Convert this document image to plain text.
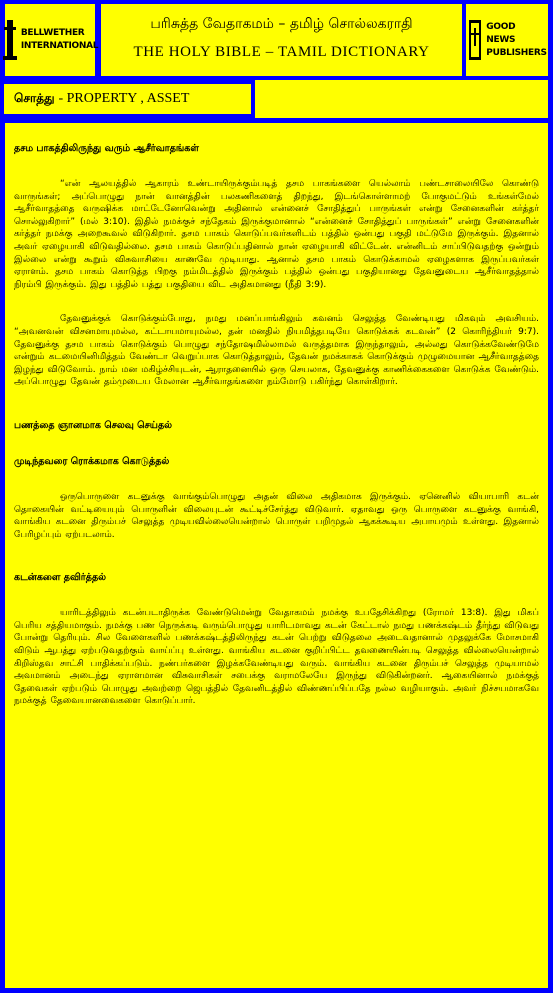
BELLWETHER
INTERNATIONAL
பரிசுத்த வேதாகமம் – தமிழ் சொல்லகராதி
THE HOLY BIBLE – TAMIL DICTIONARY
GOOD NEWS
PUBLISHERS
சொத்து - PROPERTY , ASSET
தசம பாகத்திலிருந்து வரும் ஆசீர்வாதங்கள்

“என் ஆலயத்தில் ஆகாரம் உண்டாயிருக்கும்படித் தசம பாகங்களை யெல்லாம் பண்டசாலையிலே கொண்டு வாருங்கள்; அப்பொழுது நான் வானத்தின் பலகணிகளைத் திறந்து, இடங்கொள்ளாமற் போகுமட்டும் உங்கள்மேல் ஆசீர்வாதத்தை வருஷிக்க மாட்டேனோவென்று அதினால் என்னைச் சோதித்துப் பாருங்கள் என்று சேனைகளின் கர்த்தர் சொல்லுகிறார்” (மல் 3:10). இதில் நமக்குச் சந்தேகம் இருக்குமானால் “என்னைச் சோதித்துப் பாருங்கள்” என்று சேனைகளின் கர்த்தர் நமக்கு அறைகூவல் விடுகிறார். தசம பாகம் கொடுப்பவர்களிடம் பத்தில் ஒன்பது பகுதி மட்டுமே இருக்கும். இதனால் அவர் ஏழையாகி விடுவதில்லை. தசம பாகம் கொடுப்பதினால் நான் ஏழையாகி விட்டேன். என்னிடம் சாப்பிடுவதற்கு ஒன்றும் இல்லை என்று கூறும் விசுவாசியை காணவே முடியாது. ஆனால் தசம பாகம் கொடுக்காமல் ஏழைகளாக இருப்பவர்கள் ஏராளம். தசம பாகம் கொடுத்த பிறகு நம்மிடத்தில் இருக்கும் பத்தில் ஒன்பது பகுதியானது தேவனுடைய ஆசீர்வாதத்தால் நிரம்பி இருக்கும். இது பத்தில் பத்து பகுதியை விட அதிகமானது (நீதி 3:9).

தேவனுக்குக் கொடுக்கும்போது, நமது மனப்பாங்கிலும் கவனம் செலுத்த வேண்டியது மிகவும் அவசியம். “அவனவன் விசனமாயுமல்ல, கட்டாயமாயுமல்ல, தன் மனதில் நியமித்தபடியே கொடுக்கக் கடவன்” (2 கொரிந்தியர் 9:7). தேவனுக்கு தசம பாகம் கொடுக்கும் பொழுது சந்தோஷமில்லாமல் வருத்தமாக இருந்தாலும், அல்லது கொடுக்கவேண்டுமே என்றும் கடமையினிமித்தம் வேண்டா வெறுப்பாக கொடுத்தாலும், தேவன் நமக்காகக் கொடுக்கும் முழுமையான ஆசீர்வாதத்தை இழந்து விடுவோம். நாம் மன மகிழ்ச்சியுடன், ஆராதனையில் ஒரு செயலாக, தேவனுக்கு காணிக்கைகளை கொடுக்க வேண்டும். அப்பொழுது தேவன் தம்முடைய மேலான ஆசீர்வாதங்களை நம்மோடு பகிர்ந்து கொள்கிறார்.

பணத்தை ஞானமாக செலவு செய்தல்
முடிந்தவரை ரொக்கமாக கொடுத்தல்

ஒருபொருளை கடனுக்கு வாங்கும்பொழுது அதன் விலை அதிகமாக இருக்கும். ஏனெனில் வியாபாரி கடன் தொகையின் வட்டியையும் பொருளின் விலையுடன் கூட்டிச்சேர்த்து விடுவார். ஏதாவது ஒரு பொருளை கடனுக்கு வாங்கி, வாங்கிய கடனை திரும்பச் செலுத்த முடியவில்லையென்றால் பொருள் பறிமுதல் ஆகக்கூடிய அபாயமும் உள்ளது. இதனால் பேரிழப்பும் ஏற்படலாம்.

கடன்களை தவிர்த்தல்

யாரிடத்திலும் கடன்படாதிருக்க வேண்டுமென்று வேதாகமம் நமக்கு உபதேசிக்கிறது (ரோமர் 13:8). இது மிகப் பெரிய சத்தியமாகும். நமக்கு பண நெருக்கடி வரும்பொழுது யாரிடமாவது கடன் கேட்டால் நமது பணக்கஷ்டம் தீர்ந்து விடுவது போன்று தெரியும். சில வேளைகளில் பணக்கஷ்டத்திலிருந்து கடன் பெற்று விடுதலை அடைவதானால் முதலுக்கே மோசமாகி விடும் ஆபத்து ஏற்படுவதற்கும் வாய்ப்பு உள்ளது. வாங்கிய கடனை குறிப்பிட்ட தவணையின்படி செலுத்த வில்லையென்றால் கிறிஸ்தவ சாட்சி பாதிக்கப்படும். நண்பர்களை இழக்கவேண்டியது வரும். வாங்கிய கடனை திரும்பச் செலுத்த முடியாமல் அவமானம் அடைந்து ஏராளமான விசுவாசிகள் சபைக்கு வராமலேயே இருந்து விடுகின்றனர். ஆகையினால் நமக்குத் தேவைகள் ஏற்படும் பொழுது அவற்றை ஜெபத்தில் தேவனிடத்தில் விண்ணப்பிப்பதே நல்ல வழியாகும். அவர் நிச்சயமாகவே நமக்குத் தேவையானவைகளை கொடுப்பார்.
